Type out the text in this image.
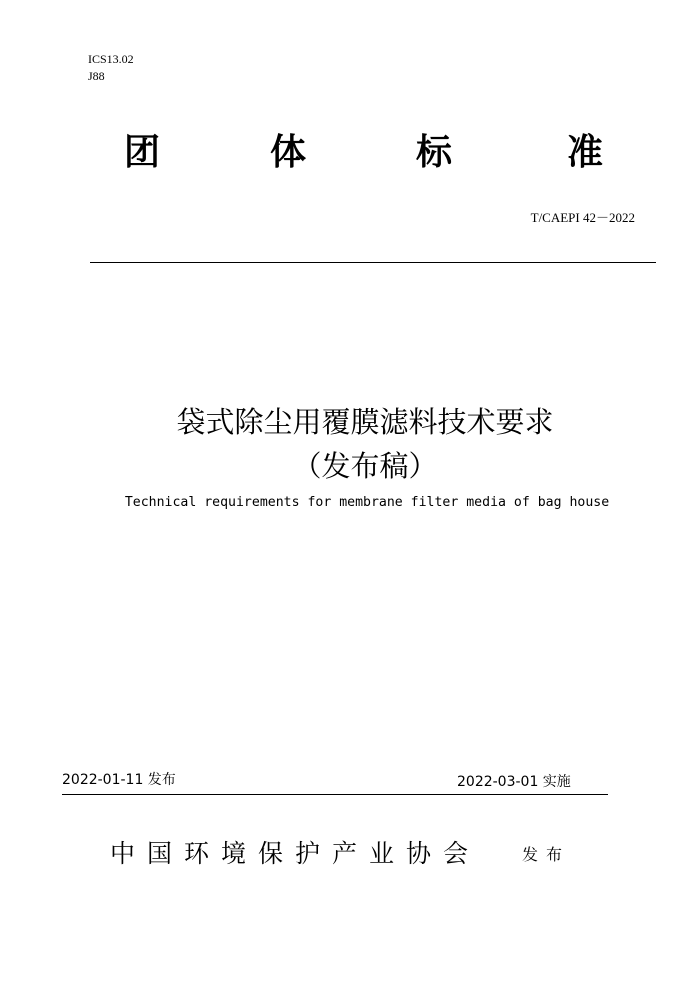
ICS13.02
J88
团	体	标	准
T/CAEPI 42－2022
袋式除尘用覆膜滤料技术要求
（发布稿）
Technical requirements for membrane filter media of bag house
2022-01-11 发布	2022-03-01 实施
中国环境保护产业协会	发布
